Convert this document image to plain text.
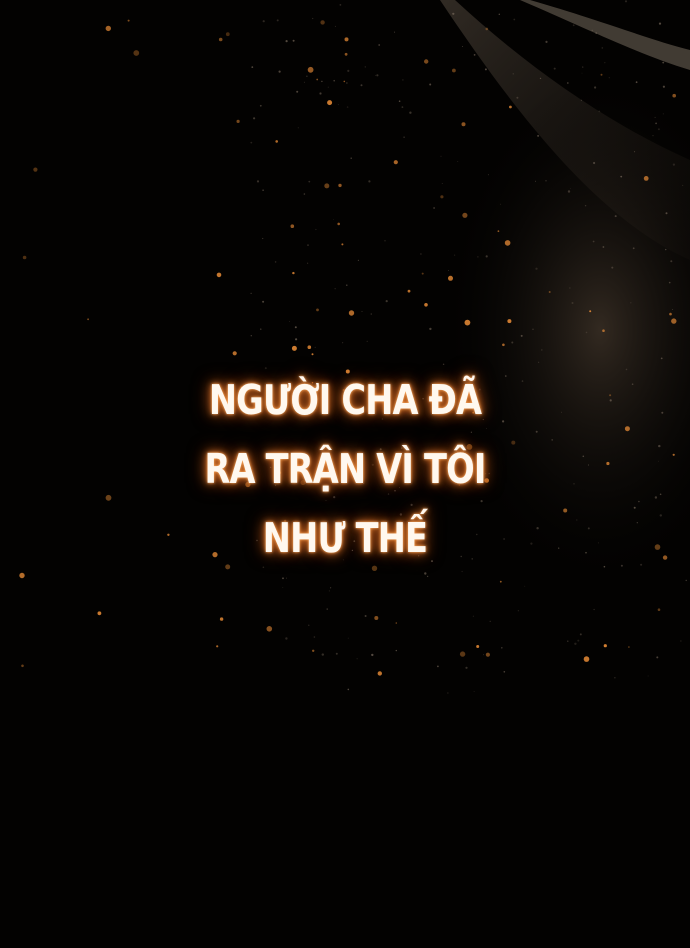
NGƯỜI CHA ĐÃ
RA TRẬN VÌ TÔI
NHƯ THẾ
